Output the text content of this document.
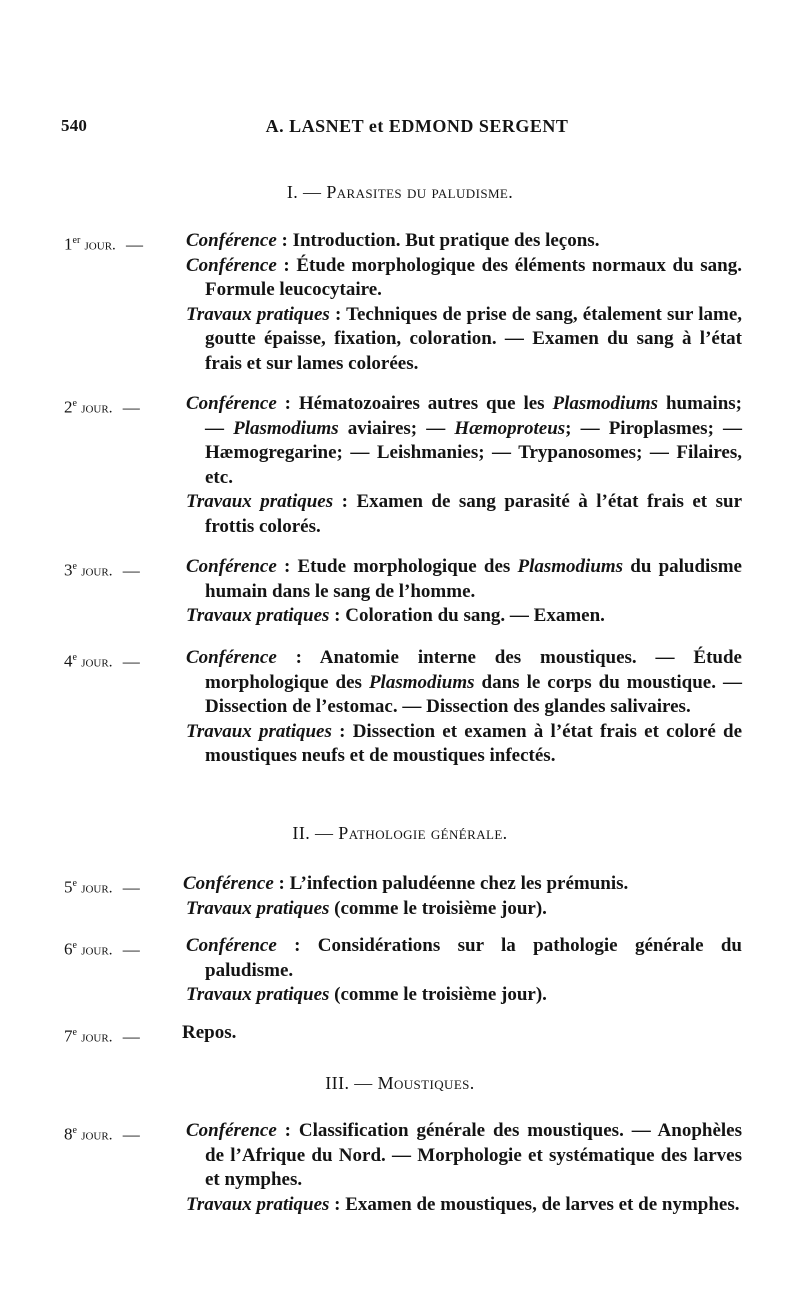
540	A. LASNET et EDMOND SERGENT
I. — Parasites du paludisme.
1er jour. —	Conférence : Introduction. But pratique des leçons.
Conférence : Étude morphologique des éléments normaux du sang. Formule leucocytaire.
Travaux pratiques : Techniques de prise de sang, étalement sur lame, goutte épaisse, fixation, coloration. — Examen du sang à l’état frais et sur lames colorées.
2e jour. —	Conférence : Hématozoaires autres que les Plasmodiums humains; — Plasmodiums aviaires; — Hæmoproteus; — Piroplasmes; — Hæmogregarine; — Leishmanies; — Trypanosomes; — Filaires, etc.
Travaux pratiques : Examen de sang parasité à l’état frais et sur frottis colorés.
3e jour. —	Conférence : Etude morphologique des Plasmodiums du paludisme humain dans le sang de l’homme.
Travaux pratiques : Coloration du sang. — Examen.
4e jour. —	Conférence : Anatomie interne des moustiques. — Étude morphologique des Plasmodiums dans le corps du moustique. — Dissection de l’estomac. — Dissection des glandes salivaires.
Travaux pratiques : Dissection et examen à l’état frais et coloré de moustiques neufs et de moustiques infectés.
II. — Pathologie générale.
5e jour. —	Conférence : L’infection paludéenne chez les prémunis.
Travaux pratiques (comme le troisième jour).
6e jour. —	Conférence : Considérations sur la pathologie générale du paludisme.
Travaux pratiques (comme le troisième jour).
7e jour. —	Repos.
III. — Moustiques.
8e jour. —	Conférence : Classification générale des moustiques. — Anophèles de l’Afrique du Nord. — Morphologie et systématique des larves et nymphes.
Travaux pratiques : Examen de moustiques, de larves et de nymphes.
